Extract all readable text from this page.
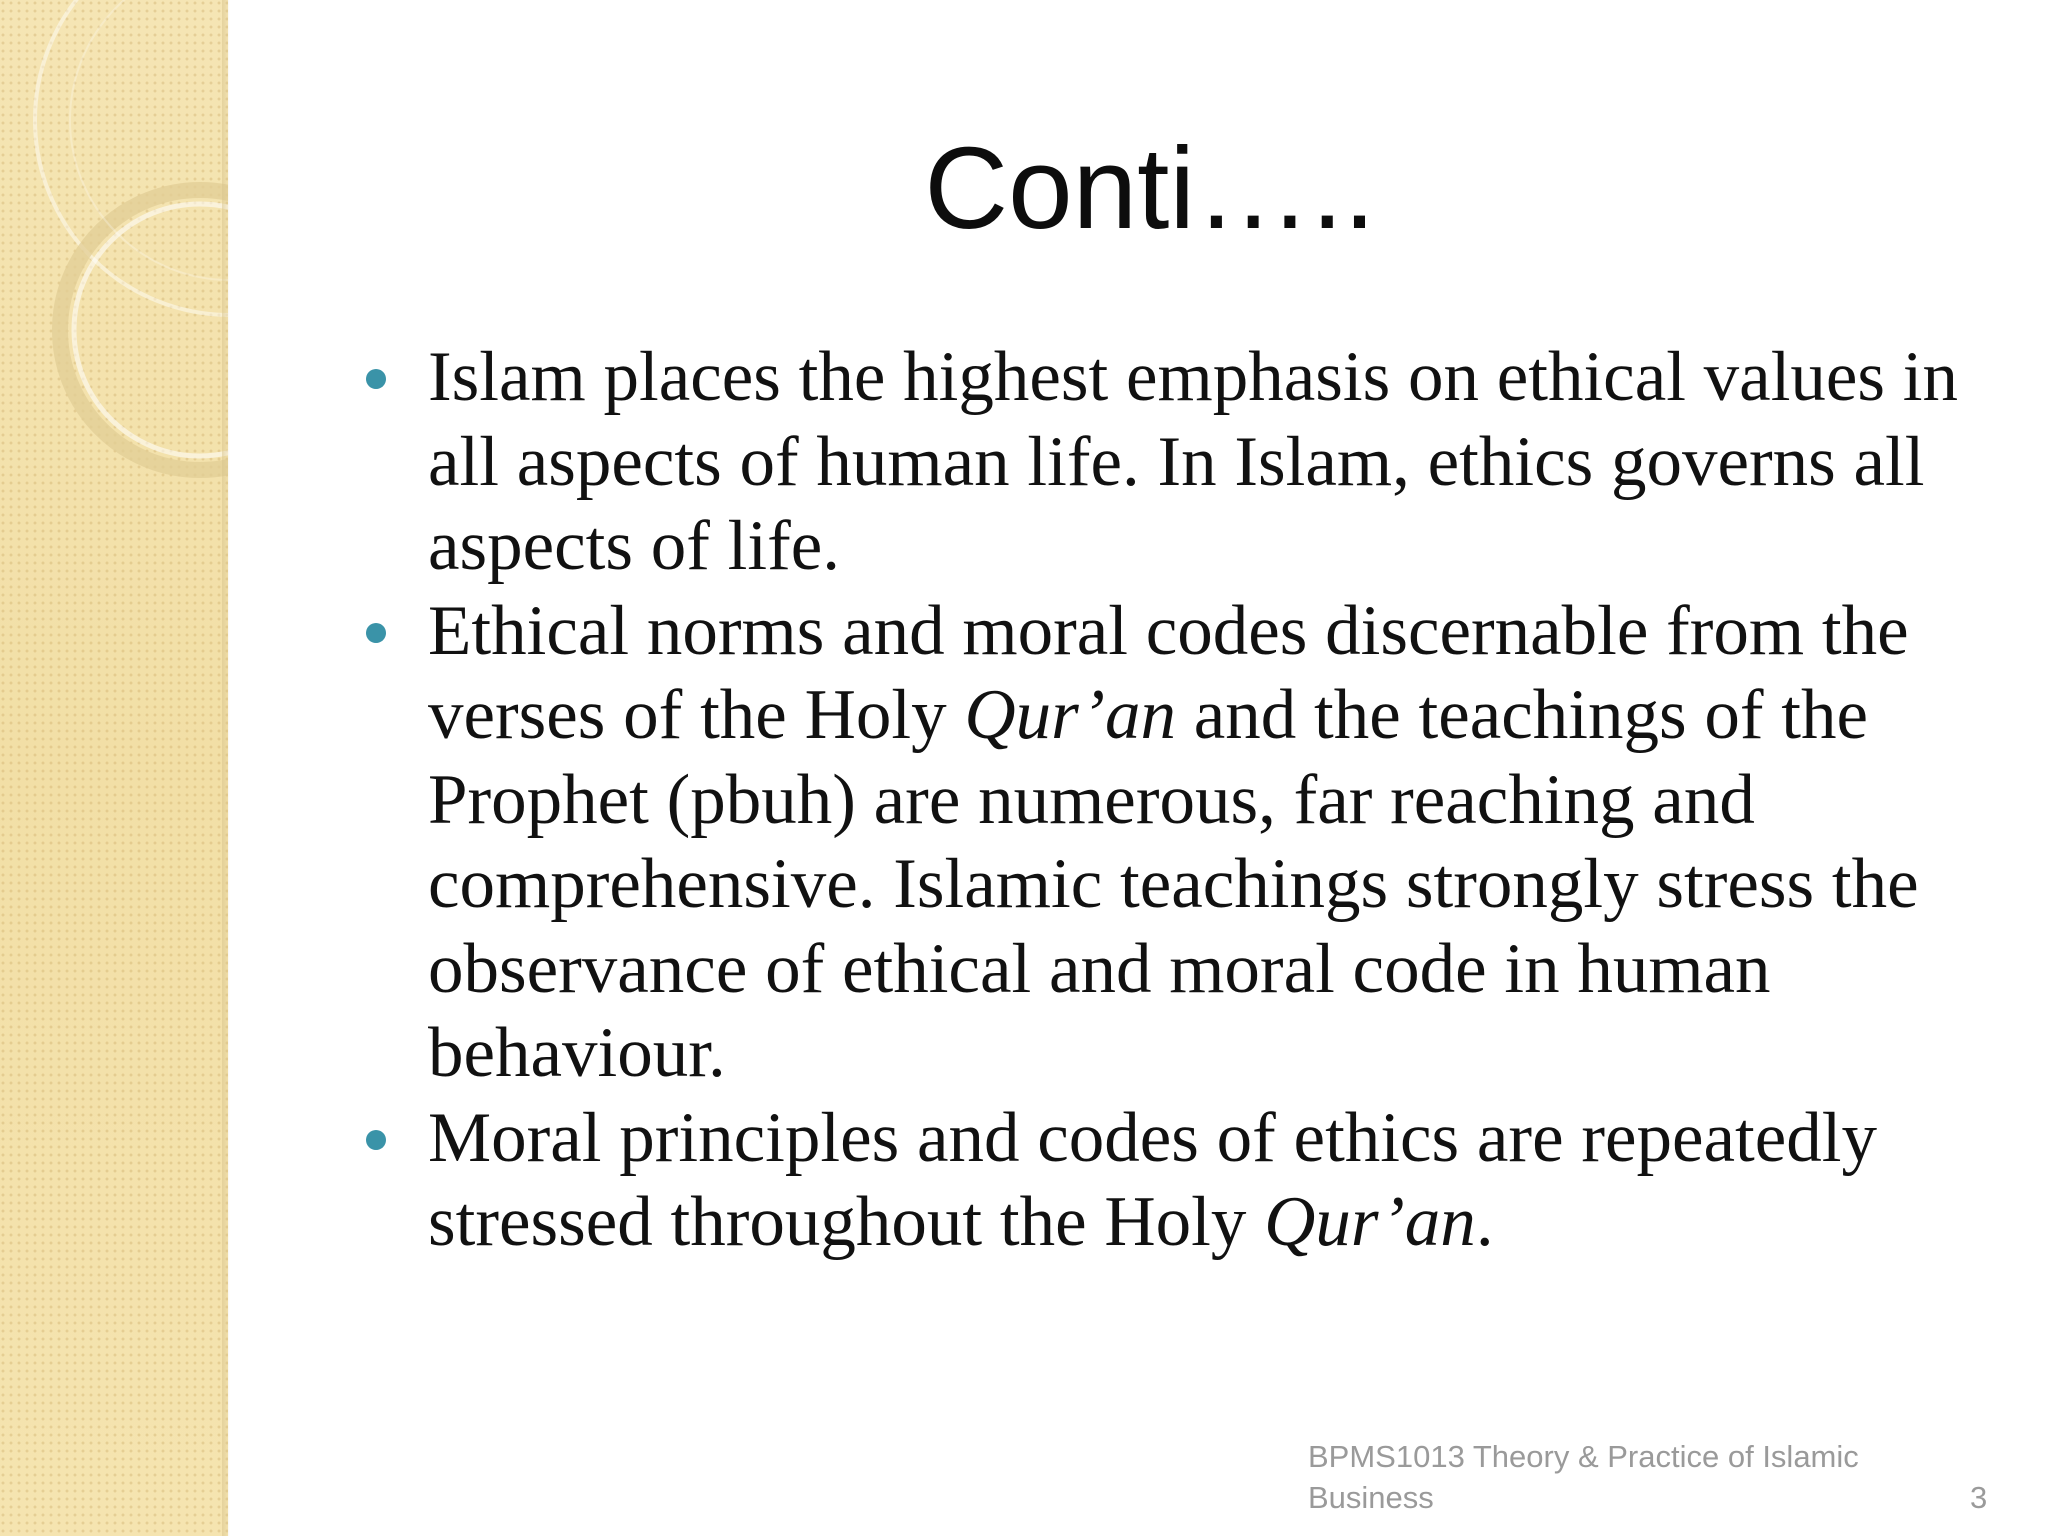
Conti…..
Islam places the highest emphasis on ethical values in all aspects of human life. In Islam, ethics governs all aspects of life.
Ethical norms and moral codes discernable from the verses of the Holy Qur’an and the teachings of the Prophet (pbuh) are numerous, far reaching and comprehensive. Islamic teachings strongly stress the observance of ethical and moral code in human behaviour.
Moral principles and codes of ethics are repeatedly stressed throughout the Holy Qur’an.
BPMS1013 Theory & Practice of Islamic Business	3
